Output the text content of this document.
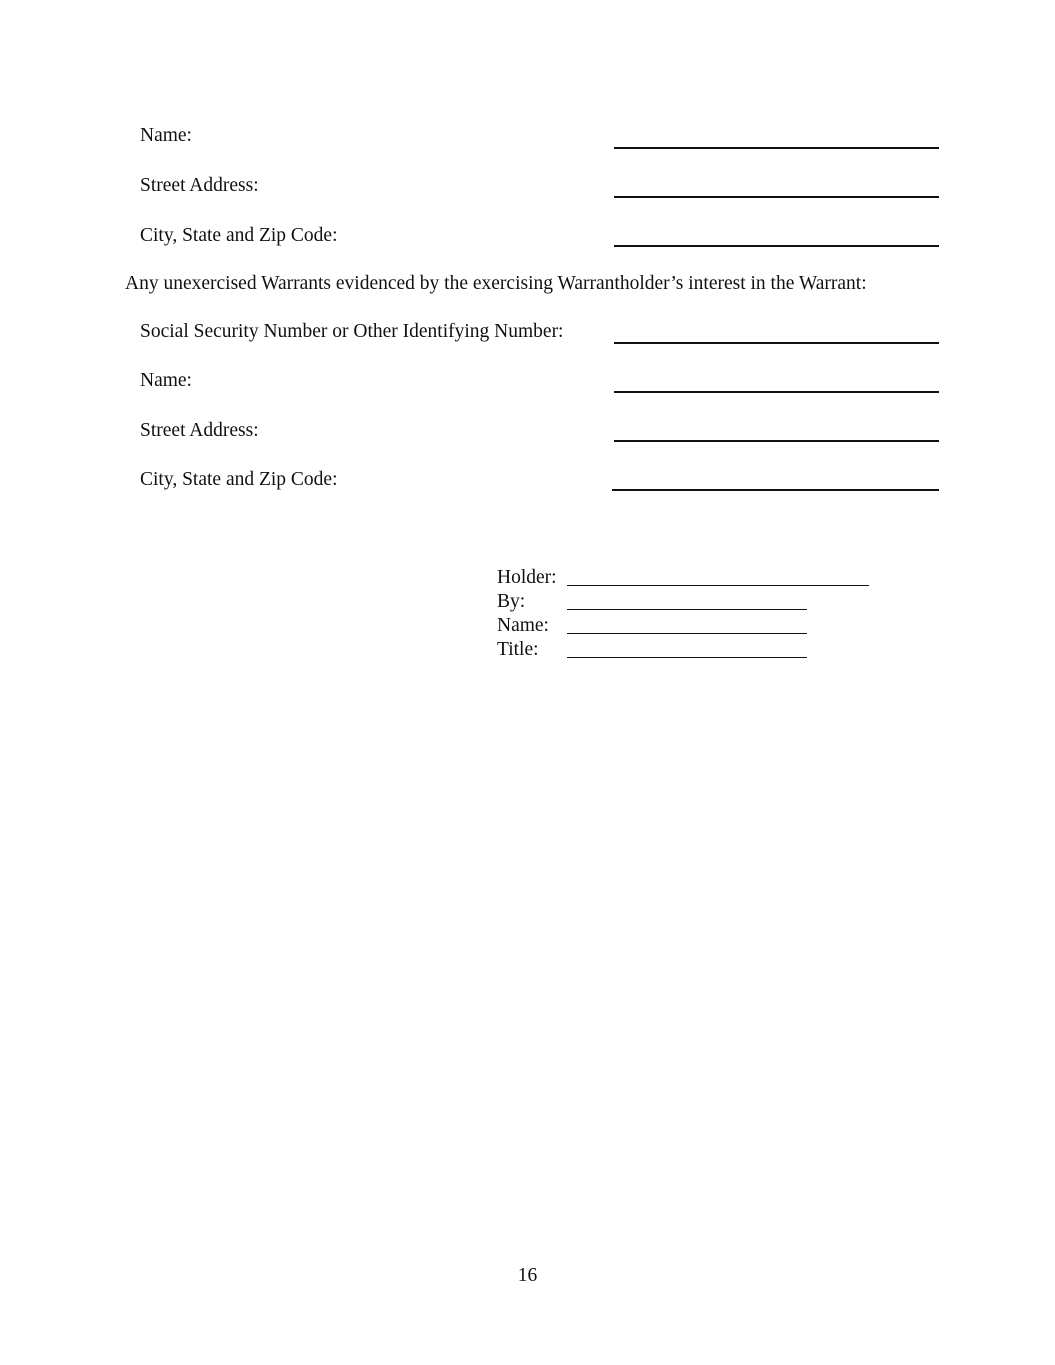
Name:
Street Address:
City, State and Zip Code:
Any unexercised Warrants evidenced by the exercising Warrantholder’s interest in the Warrant:
Social Security Number or Other Identifying Number:
Name:
Street Address:
City, State and Zip Code:
Holder:
By:
Name:
Title:
16
